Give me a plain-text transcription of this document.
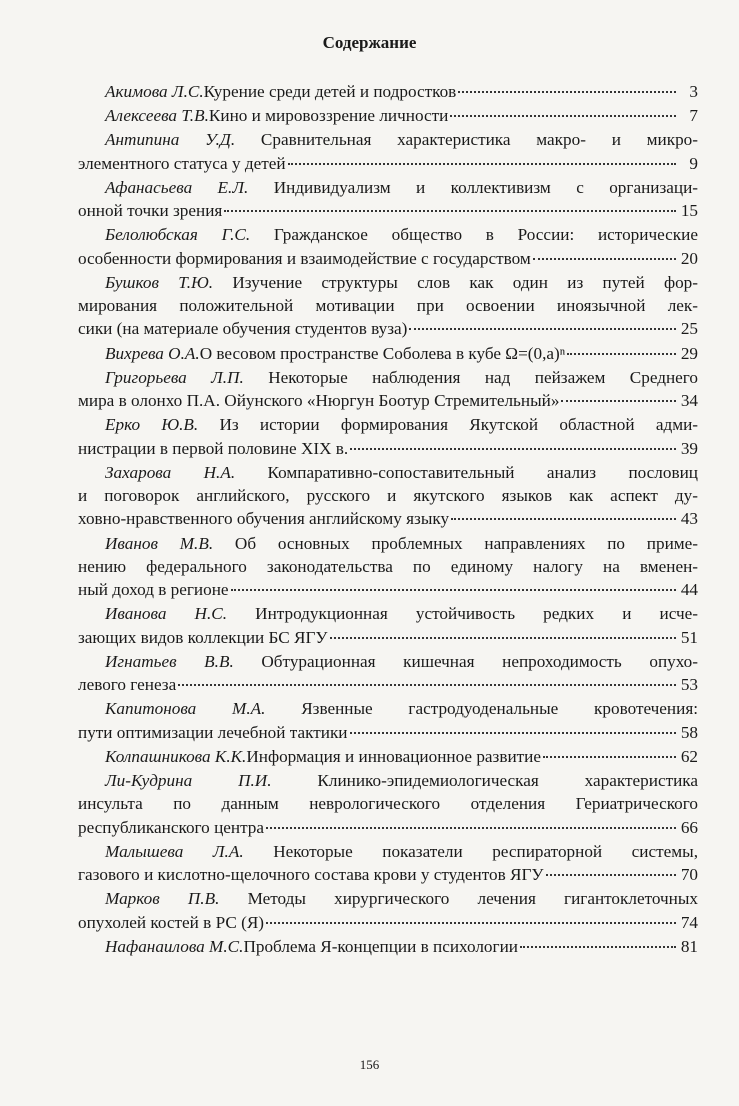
Содержание
Акимова Л.С. Курение среди детей и подростков	3
Алексеева Т.В. Кино и мировоззрение личности	7
Антипина У.Д. Сравнительная характеристика макро- и микро-
элементного статуса у детей	9
Афанасьева Е.Л. Индивидуализм и коллективизм с организаци-
онной точки зрения	15
Белолюбская Г.С. Гражданское общество в России: исторические
особенности формирования и взаимодействие с государством	20
Бушков Т.Ю. Изучение структуры слов как один из путей фор-
мирования положительной мотивации при освоении иноязычной лек-
сики (на материале обучения студентов вуза)	25
Вихрева О.А. О весовом пространстве Соболева в кубе Ω=(0,a)ⁿ	29
Григорьева Л.П. Некоторые наблюдения над пейзажем Среднего
мира в олонхо П.А. Ойунского «Нюргун Боотур Стремительный»	34
Ерко Ю.В. Из истории формирования Якутской областной адми-
нистрации в первой половине XIX в.	39
Захарова Н.А. Компаративно-сопоставительный анализ пословиц
и поговорок английского, русского и якутского языков как аспект ду-
ховно-нравственного обучения английскому языку	43
Иванов М.В. Об основных проблемных направлениях по приме-
нению федерального законодательства по единому налогу на вменен-
ный доход в регионе	44
Иванова Н.С. Интродукционная устойчивость редких и исче-
зающих видов коллекции БС ЯГУ	51
Игнатьев В.В. Обтурационная кишечная непроходимость опухо-
левого генеза	53
Капитонова М.А. Язвенные гастродуоденальные кровотечения:
пути оптимизации лечебной тактики	58
Колпашникова К.К. Информация и инновационное развитие	62
Ли-Кудрина П.И.	Клинико-эпидемиологическая характеристика
инсульта по данным неврологического отделения Гериатрического
республиканского центра	66
Малышева Л.А. Некоторые показатели респираторной системы,
газового и кислотно-щелочного состава крови у студентов ЯГУ	70
Марков П.В. Методы хирургического лечения гигантоклеточных
опухолей костей в РС (Я)	74
Нафанаилова М.С. Проблема Я-концепции в психологии	81
156
